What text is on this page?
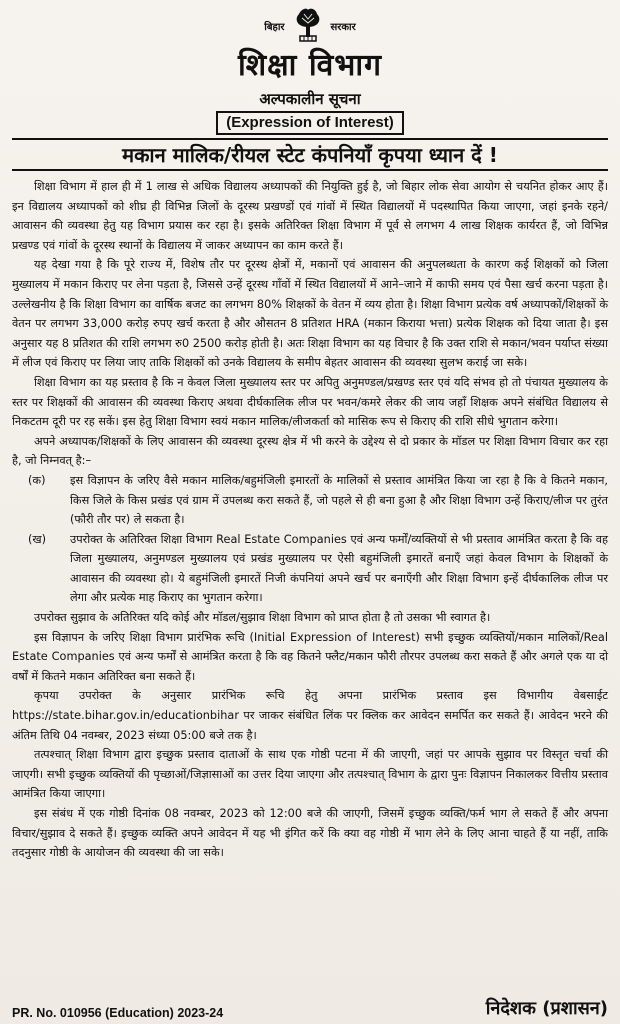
बिहार	सरकार
शिक्षा विभाग
अल्पकालीन सूचना
(Expression of Interest)
मकान मालिक/रीयल स्टेट कंपनियाँ कृपया ध्यान दें !

शिक्षा विभाग में हाल ही में 1 लाख से अधिक विद्यालय अध्यापकों की नियुक्ति हुई है, जो बिहार लोक सेवा आयोग से चयनित होकर आए हैं। इन विद्यालय अध्यापकों को शीघ्र ही विभिन्न जिलों के दूरस्थ प्रखण्डों एवं गांवों में स्थित विद्यालयों में पदस्थापित किया जाएगा, जहां इनके रहने/आवासन की व्यवस्था हेतु यह विभाग प्रयास कर रहा है। इसके अतिरिक्त शिक्षा विभाग में पूर्व से लगभग 4 लाख शिक्षक कार्यरत हैं, जो विभिन्न प्रखण्ड एवं गांवों के दूरस्थ स्थानों के विद्यालय में जाकर अध्यापन का काम करते हैं।

यह देखा गया है कि पूरे राज्य में, विशेष तौर पर दूरस्थ क्षेत्रों में, मकानों एवं आवासन की अनुपलब्धता के कारण कई शिक्षकों को जिला मुख्यालय में मकान किराए पर लेना पड़ता है, जिससे उन्हें दूरस्थ गाँवों में स्थित विद्यालयों में आने–जाने में काफी समय एवं पैसा खर्च करना पड़ता है। उल्लेखनीय है कि शिक्षा विभाग का वार्षिक बजट का लगभग 80% शिक्षकों के वेतन में व्यय होता है। शिक्षा विभाग प्रत्येक वर्ष अध्यापकों/शिक्षकों के वेतन पर लगभग 33,000 करोड़ रुपए खर्च करता है और औसतन 8 प्रतिशत HRA (मकान किराया भत्ता) प्रत्येक शिक्षक को दिया जाता है। इस अनुसार यह 8 प्रतिशत की राशि लगभग रु0 2500 करोड़ होती है। अतः शिक्षा विभाग का यह विचार है कि उक्त राशि से मकान/भवन पर्याप्त संख्या में लीज एवं किराए पर लिया जाए ताकि शिक्षकों को उनके विद्यालय के समीप बेहतर आवासन की व्यवस्था सुलभ कराई जा सके।

शिक्षा विभाग का यह प्रस्ताव है कि न केवल जिला मुख्यालय स्तर पर अपितु अनुमण्डल/प्रखण्ड स्तर एवं यदि संभव हो तो पंचायत मुख्यालय के स्तर पर शिक्षकों की आवासन की व्यवस्था किराए अथवा दीर्घकालिक लीज पर भवन/कमरे लेकर की जाय जहाँ शिक्षक अपने संबंधित विद्यालय से निकटतम दूरी पर रह सकें। इस हेतु शिक्षा विभाग स्वयं मकान मालिक/लीजकर्ता को मासिक रूप से किराए की राशि सीधे भुगतान करेगा।

अपने अध्यापक/शिक्षकों के लिए आवासन की व्यवस्था दूरस्थ क्षेत्र में भी करने के उद्देश्य से दो प्रकार के मॉडल पर शिक्षा विभाग विचार कर रहा है, जो निम्नवत् है:–

(क)	इस विज्ञापन के जरिए वैसे मकान मालिक/बहुमंजिली इमारतों के मालिकों से प्रस्ताव आमंत्रित किया जा रहा है कि वे कितने मकान, किस जिले के किस प्रखंड एवं ग्राम में उपलब्ध करा सकते हैं, जो पहले से ही बना हुआ है और शिक्षा विभाग उन्हें किराए/लीज पर तुरंत (फौरी तौर पर) ले सकता है।
(ख)	उपरोक्त के अतिरिक्त शिक्षा विभाग Real Estate Companies एवं अन्य फर्मों/व्यक्तियों से भी प्रस्ताव आमंत्रित करता है कि वह जिला मुख्यालय, अनुमण्डल मुख्यालय एवं प्रखंड मुख्यालय पर ऐसी बहुमंजिली इमारतें बनाएँ जहां केवल विभाग के शिक्षकों के आवासन की व्यवस्था हो। ये बहुमंजिली इमारतें निजी कंपनियां अपने खर्च पर बनाएँगी और शिक्षा विभाग इन्हें दीर्घकालिक लीज पर लेगा और प्रत्येक माह किराए का भुगतान करेगा।

उपरोक्त सुझाव के अतिरिक्त यदि कोई और मॉडल/सुझाव शिक्षा विभाग को प्राप्त होता है तो उसका भी स्वागत है।

इस विज्ञापन के जरिए शिक्षा विभाग प्रारंभिक रूचि (Initial Expression of Interest) सभी इच्छुक व्यक्तियों/मकान मालिकों/Real Estate Companies एवं अन्य फर्मों से आमंत्रित करता है कि वह कितने फ्लैट/मकान फौरी तौरपर उपलब्ध करा सकते हैं और अगले एक या दो वर्षों में कितने मकान अतिरिक्त बना सकते हैं।

कृपया उपरोक्त के अनुसार प्रारंभिक रूचि हेतु अपना प्रारंभिक प्रस्ताव इस विभागीय वेबसाईट https://state.bihar.gov.in/educationbihar पर जाकर संबंधित लिंक पर क्लिक कर आवेदन समर्पित कर सकते हैं। आवेदन भरने की अंतिम तिथि 04 नवम्बर, 2023 संध्या 05:00 बजे तक है।

तत्पश्चात् शिक्षा विभाग द्वारा इच्छुक प्रस्ताव दाताओं के साथ एक गोष्ठी पटना में की जाएगी, जहां पर आपके सुझाव पर विस्तृत चर्चा की जाएगी। सभी इच्छुक व्यक्तियों की पृच्छाओं/जिज्ञासाओं का उत्तर दिया जाएगा और तत्पश्चात् विभाग के द्वारा पुनः विज्ञापन निकालकर वित्तीय प्रस्ताव आमंत्रित किया जाएगा।

इस संबंध में एक गोष्ठी दिनांक 08 नवम्बर, 2023 को 12:00 बजे की जाएगी, जिसमें इच्छुक व्यक्ति/फर्म भाग ले सकते हैं और अपना विचार/सुझाव दे सकते हैं। इच्छुक व्यक्ति अपने आवेदन में यह भी इंगित करें कि क्या वह गोष्ठी में भाग लेने के लिए आना चाहते हैं या नहीं, ताकि तदनुसार गोष्ठी के आयोजन की व्यवस्था की जा सके।

PR. No. 010956 (Education) 2023-24	निदेशक (प्रशासन)
